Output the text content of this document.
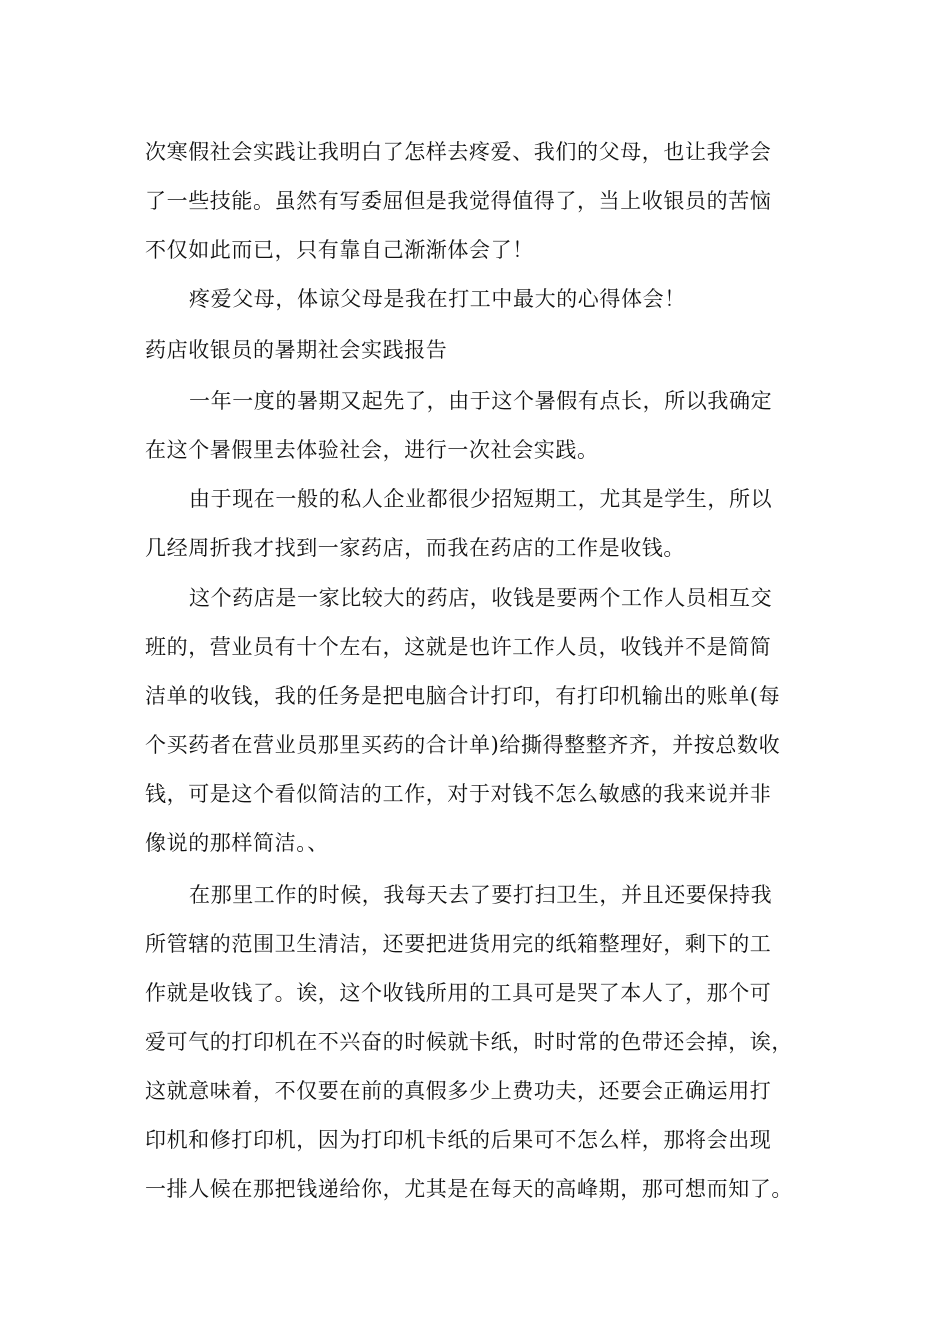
次寒假社会实践让我明白了怎样去疼爱、我们的父母，也让我学会
了一些技能。虽然有写委屈但是我觉得值得了，当上收银员的苦恼
不仅如此而已，只有靠自己渐渐体会了！
疼爱父母，体谅父母是我在打工中最大的心得体会！
药店收银员的暑期社会实践报告
一年一度的暑期又起先了，由于这个暑假有点长，所以我确定
在这个暑假里去体验社会，进行一次社会实践。
由于现在一般的私人企业都很少招短期工，尤其是学生，所以
几经周折我才找到一家药店，而我在药店的工作是收钱。
这个药店是一家比较大的药店，收钱是要两个工作人员相互交
班的，营业员有十个左右，这就是也许工作人员，收钱并不是简简
洁单的收钱，我的任务是把电脑合计打印，有打印机输出的账单(每
个买药者在营业员那里买药的合计单)给撕得整整齐齐，并按总数收
钱，可是这个看似简洁的工作，对于对钱不怎么敏感的我来说并非
像说的那样简洁。、
在那里工作的时候，我每天去了要打扫卫生，并且还要保持我
所管辖的范围卫生清洁，还要把进货用完的纸箱整理好，剩下的工
作就是收钱了。诶，这个收钱所用的工具可是哭了本人了，那个可
爱可气的打印机在不兴奋的时候就卡纸，时时常的色带还会掉，诶，
这就意味着，不仅要在前的真假多少上费功夫，还要会正确运用打
印机和修打印机，因为打印机卡纸的后果可不怎么样，那将会出现
一排人候在那把钱递给你，尤其是在每天的高峰期，那可想而知了。
